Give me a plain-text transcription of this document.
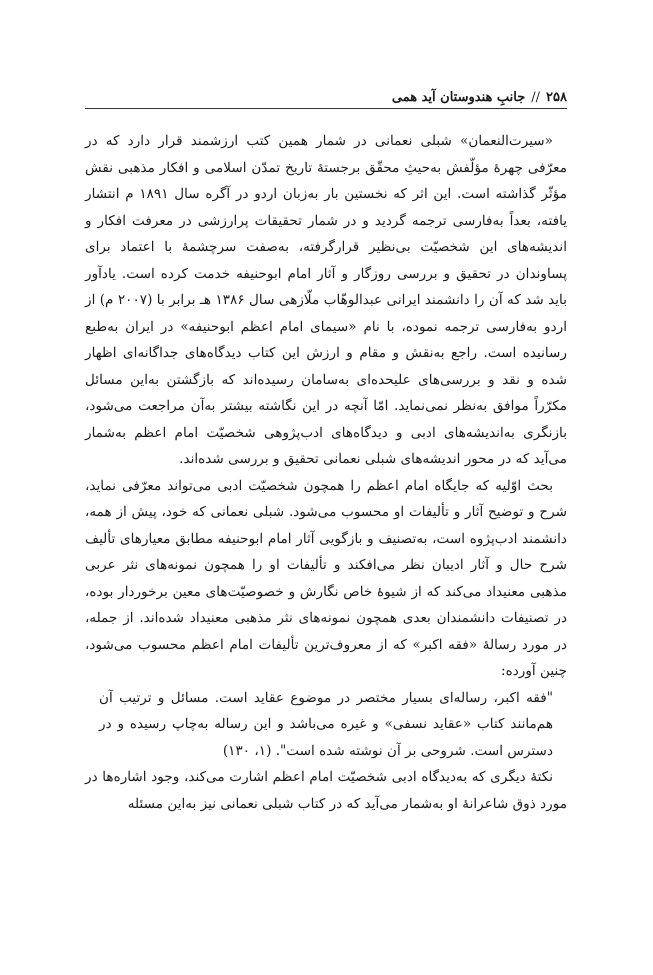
۲۵۸
//
جانبِ هندوستان آید همی

«سیرت‌النعمان» شبلی نعمانی در شمار همین کتب ارزشمند قرار دارد که در معرّفی چهرهٔ مؤلّفش به‌حیثِ محقّق برجستهٔ تاریخ تمدّن اسلامی و افکار مذهبی نقش مؤثّر گذاشته است. این اثر که نخستین بار به‌زبان اردو در آگره سال ۱۸۹۱ م انتشار یافته، بعداً به‌فارسی ترجمه گردید و در شمار تحقیقات پرارزشی در معرفت افکار و اندیشه‌های این شخصیّت بی‌نظیر قرارگرفته، به‌صفت سرچشمهٔ با اعتماد برای پساوندان در تحقیق و بررسی روزگار و آثار امام ابوحنیفه خدمت کرده است. یادآور باید شد که آن را دانشمند ایرانی عبدالوهّاب ملّازهی سال ۱۳۸۶ هـ برابر با (۲۰۰۷ م) از اردو به‌فارسی ترجمه نموده، با نام «سیمای امام اعظم ابوحنیفه» در ایران به‌طبع رسانیده است. راجع به‌نقش و مقام و ارزش این کتاب دیدگاه‌های جداگانه‌ای اظهار شده و نقد و بررسی‌های علیحده‌ای به‌سامان رسیده‌اند که بازگشتن به‌این مسائل مکرّراً موافق به‌نظر نمی‌نماید. امّا آنچه در این نگاشته بیشتر به‌آن مراجعت می‌شود، بازنگری به‌اندیشه‌های ادبی و دیدگاه‌های ادب‌پژوهی شخصیّت امام اعظم به‌شمار می‌آید که در محور اندیشه‌های شبلی نعمانی تحقیق و بررسی شده‌اند.

بحث اوّلیه که جایگاه امام اعظم را همچون شخصیّت ادبی می‌تواند معرّفی نماید، شرح و توضیح آثار و تألیفات او محسوب می‌شود. شبلی نعمانی که خود، پیش از همه، دانشمند ادب‌پژوه است، به‌تصنیف و بازگویی آثار امام ابوحنیفه مطابق معیارهای تألیف شرح حال و آثار ادیبان نظر می‌افکند و تألیفات او را همچون نمونه‌های نثر عربی مذهبی معنیداد می‌کند که از شیوهٔ خاص نگارش و خصوصیّت‌های معین برخوردار بوده، در تصنیفات دانشمندان بعدی همچون نمونه‌های نثر مذهبی معنیداد شده‌اند. از جمله، در مورد رسالهٔ «فقه اکبر» که از معروف‌ترین تألیفات امام اعظم محسوب می‌شود، چنین آورده:

"فقه اکبر، رساله‌ای بسیار مختصر در موضوع عقاید است. مسائل و ترتیب آن هم‌مانند کتاب «عقاید نسفی» و غیره می‌باشد و این رساله به‌چاپ رسیده و در دسترس است. شروحی بر آن نوشته شده است". (۱، ۱۳۰)

نکتهٔ دیگری که به‌دیدگاه ادبی شخصیّت امام اعظم اشارت می‌کند، وجود اشاره‌ها در مورد ذوق شاعرانهٔ او به‌شمار می‌آید که در کتاب شبلی نعمانی نیز به‌این مسئله
